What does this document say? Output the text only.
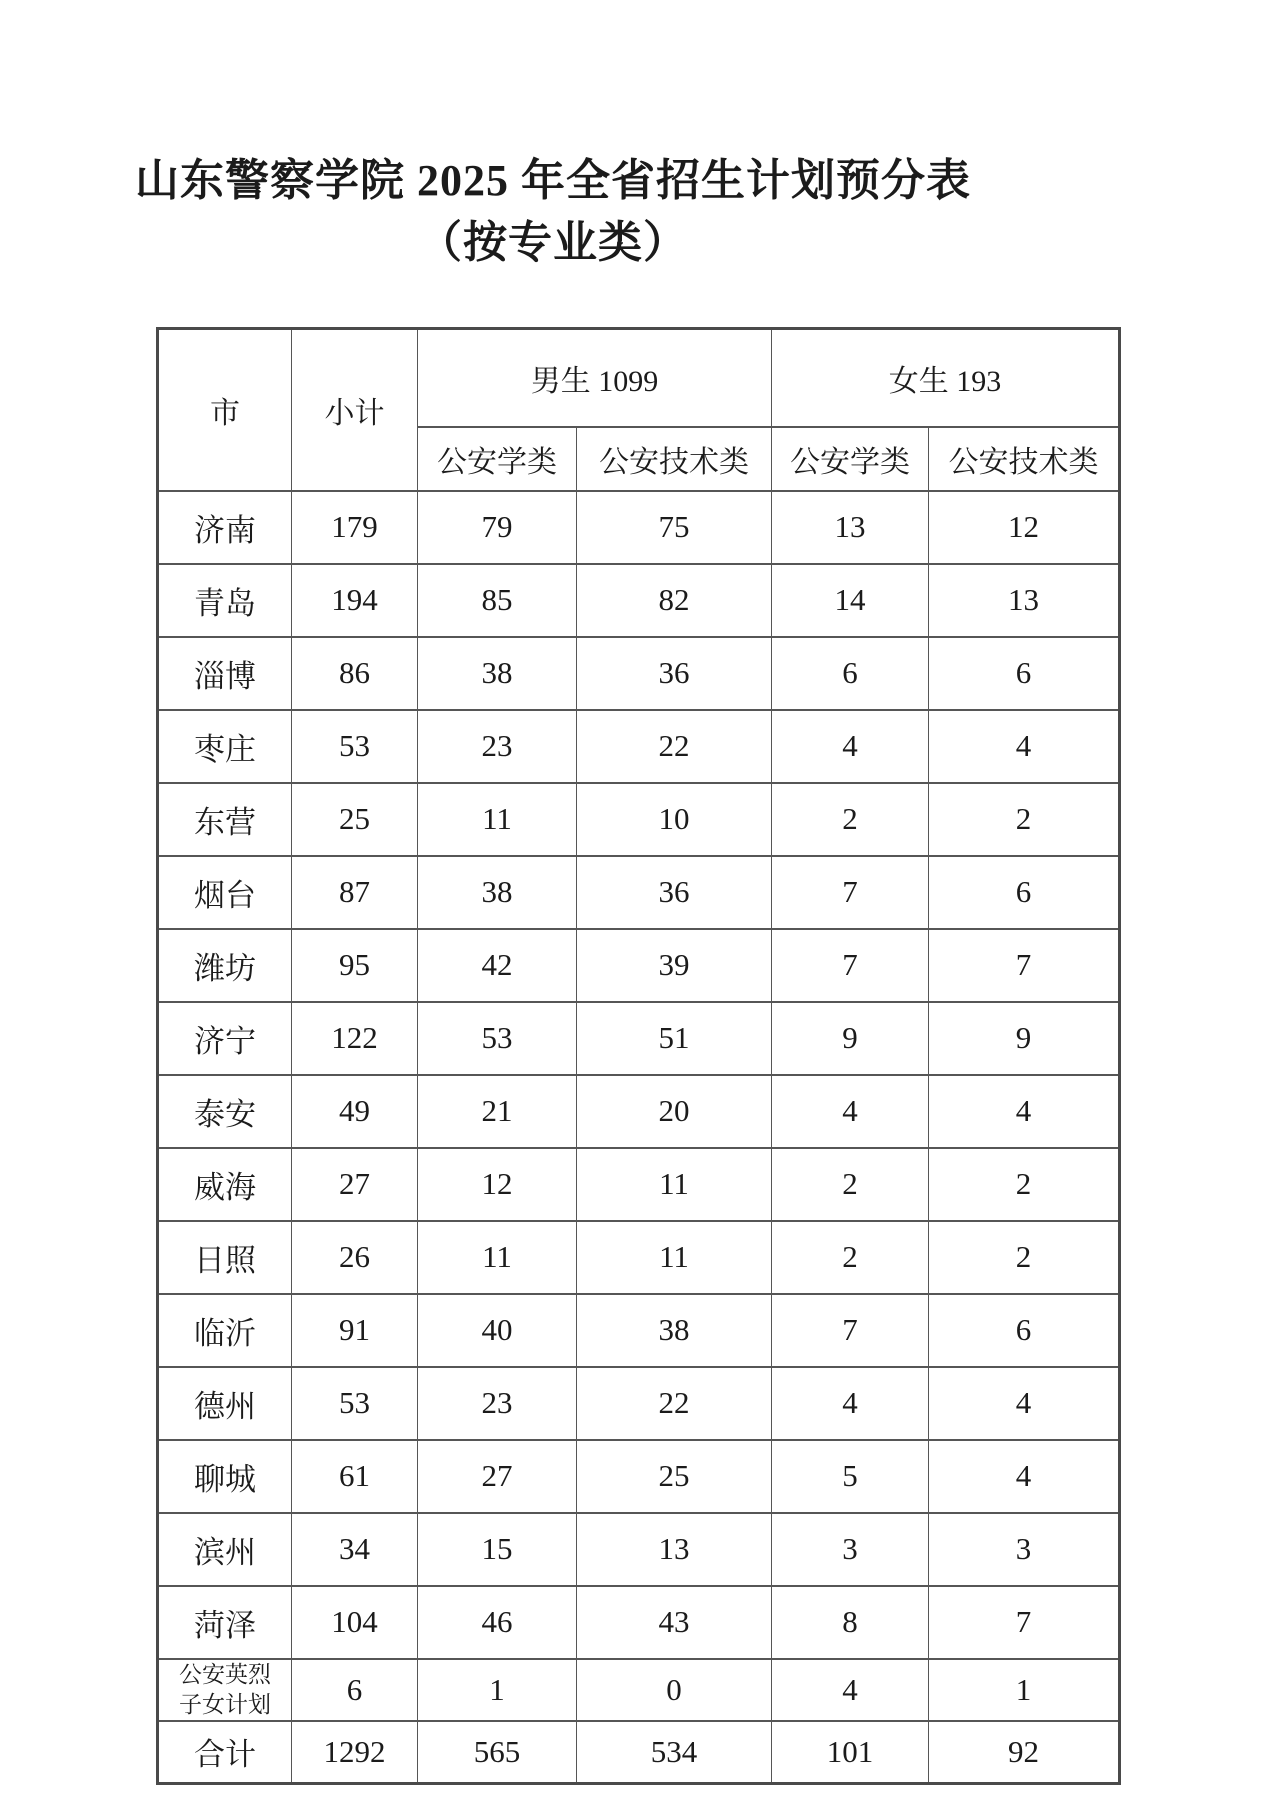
山东警察学院 2025 年全省招生计划预分表
（按专业类）
市	小计	男生 1099		女生 193	
		公安学类	公安技术类	公安学类	公安技术类
济南	179	79	75	13	12
青岛	194	85	82	14	13
淄博	86	38	36	6	6
枣庄	53	23	22	4	4
东营	25	11	10	2	2
烟台	87	38	36	7	6
潍坊	95	42	39	7	7
济宁	122	53	51	9	9
泰安	49	21	20	4	4
威海	27	12	11	2	2
日照	26	11	11	2	2
临沂	91	40	38	7	6
德州	53	23	22	4	4
聊城	61	27	25	5	4
滨州	34	15	13	3	3
菏泽	104	46	43	8	7
公安英烈子女计划	6	1	0	4	1
合计	1292	565	534	101	92
